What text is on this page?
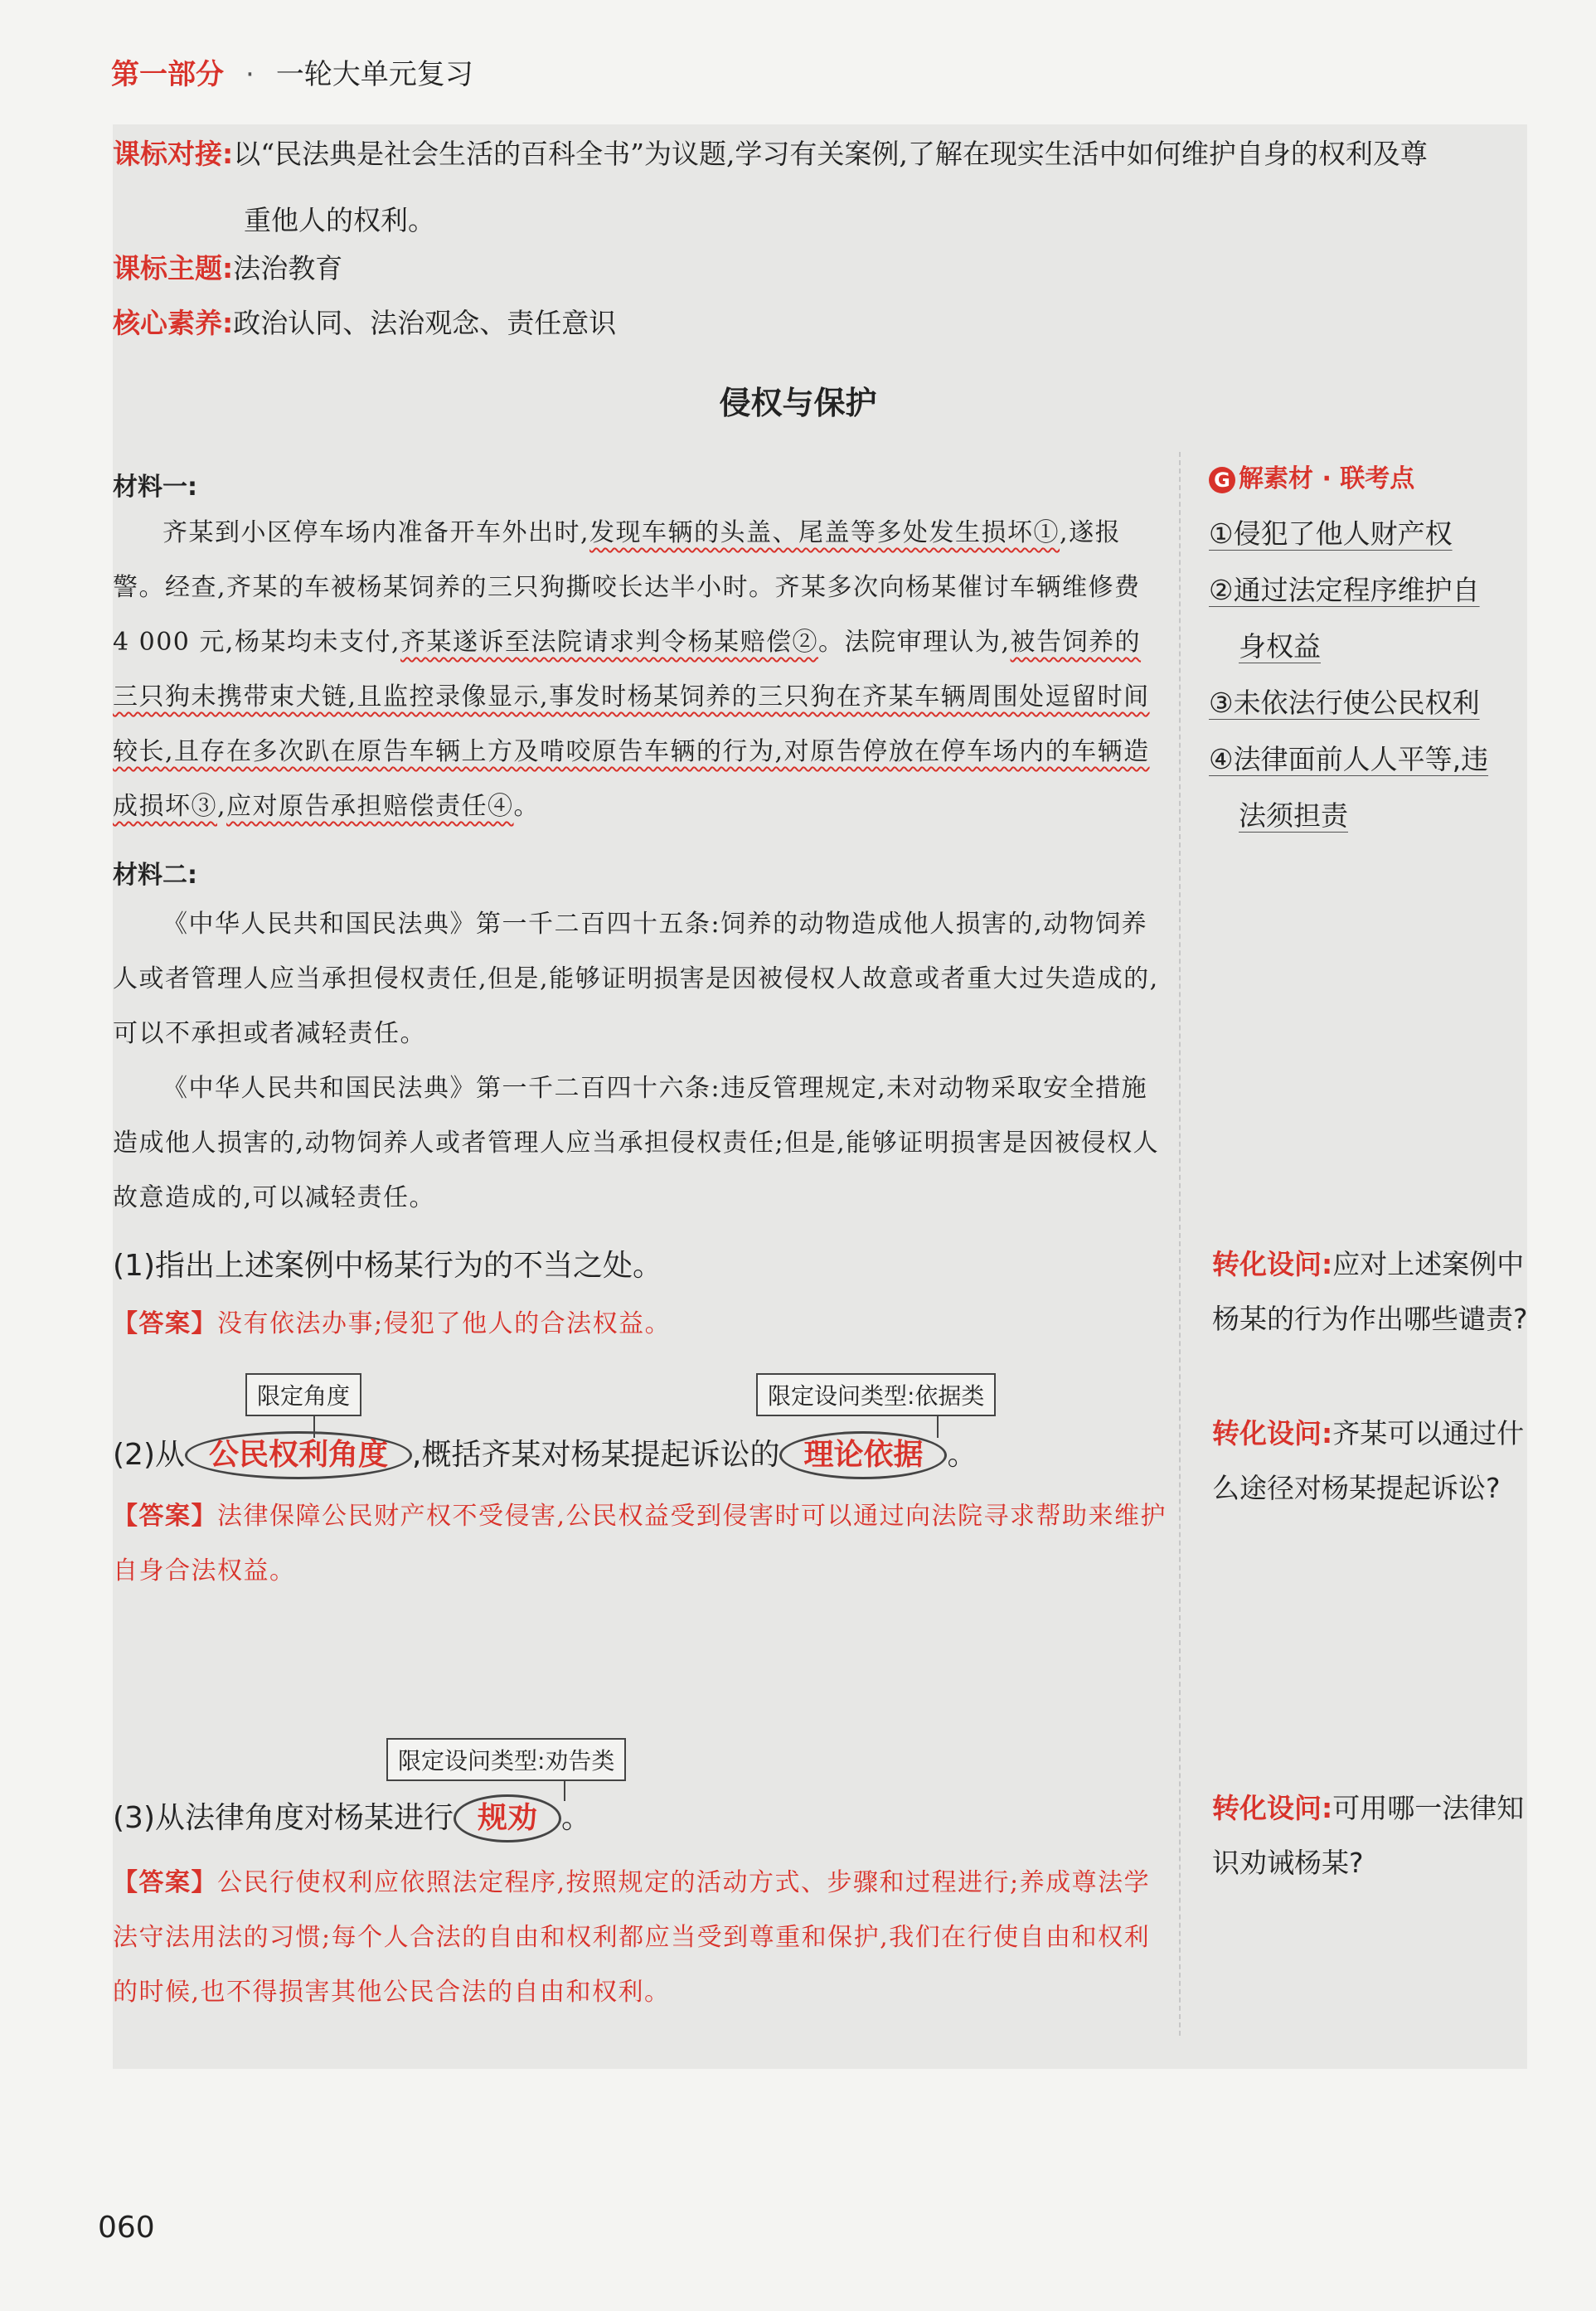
第一部分 · 一轮大单元复习
课标对接:以“民法典是社会生活的百科全书”为议题,学习有关案例,了解在现实生活中如何维护自身的权利及尊
重他人的权利。
课标主题:法治教育
核心素养:政治认同、法治观念、责任意识
侵权与保护
材料一:

齐某到小区停车场内准备开车外出时,发现车辆的头盖、尾盖等多处发生损坏①,遂报警。经查,齐某的车被杨某饲养的三只狗撕咬长达半小时。齐某多次向杨某催讨车辆维修费 4 000 元,杨某均未支付,齐某遂诉至法院请求判令杨某赔偿②。法院审理认为,被告饲养的三只狗未携带束犬链,且监控录像显示,事发时杨某饲养的三只狗在齐某车辆周围处逗留时间较长,且存在多次趴在原告车辆上方及啃咬原告车辆的行为,对原告停放在停车场内的车辆造成损坏③,应对原告承担赔偿责任④。

材料二:

《中华人民共和国民法典》第一千二百四十五条:饲养的动物造成他人损害的,动物饲养人或者管理人应当承担侵权责任,但是,能够证明损害是因被侵权人故意或者重大过失造成的,可以不承担或者减轻责任。

《中华人民共和国民法典》第一千二百四十六条:违反管理规定,未对动物采取安全措施造成他人损害的,动物饲养人或者管理人应当承担侵权责任;但是,能够证明损害是因被侵权人故意造成的,可以减轻责任。

(1)指出上述案例中杨某行为的不当之处。
【答案】没有依法办事;侵犯了他人的合法权益。
限定角度	限定设问类型:依据类
(2)从 公民权利角度 ,概括齐某对杨某提起诉讼的 理论依据 。
【答案】法律保障公民财产权不受侵害,公民权益受到侵害时可以通过向法院寻求帮助来维护自身合法权益。
限定设问类型:劝告类
(3)从法律角度对杨某进行 规劝 。
【答案】公民行使权利应依照法定程序,按照规定的活动方式、步骤和过程进行;养成尊法学法守法用法的习惯;每个人合法的自由和权利都应当受到尊重和保护,我们在行使自由和权利的时候,也不得损害其他公民合法的自由和权利。
G 解素材 · 联考点
①侵犯了他人财产权
②通过法定程序维护自
身权益
③未依法行使公民权利
④法律面前人人平等,违
法须担责
转化设问:应对上述案例中杨某的行为作出哪些谴责?
转化设问:齐某可以通过什么途径对杨某提起诉讼?
转化设问:可用哪一法律知识劝诫杨某?
060
